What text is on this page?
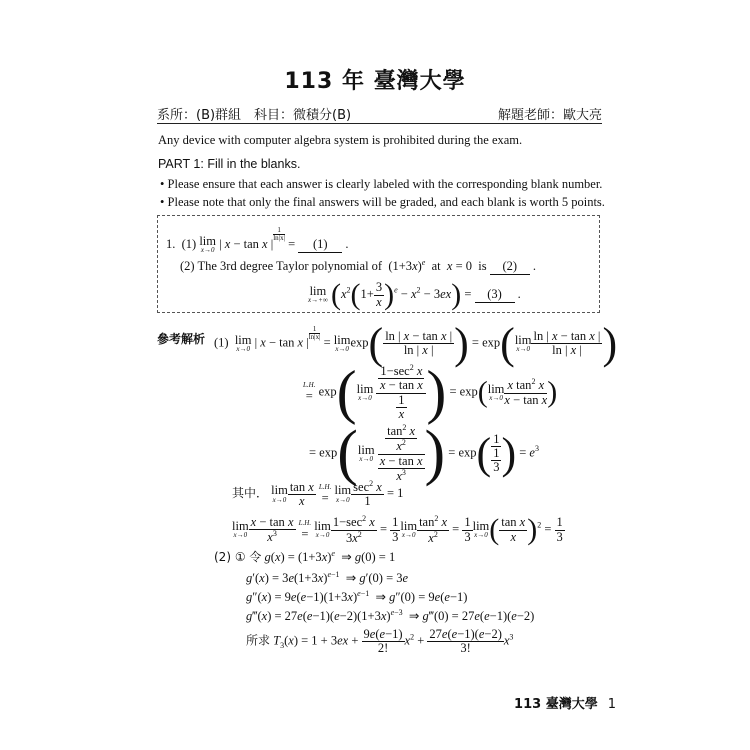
113 年 臺灣大學
系所：(B)群組　科目：微積分(B)	解題老師：歐大亮
Any device with computer algebra system is prohibited during the exam.
PART 1: Fill in the blanks.
• Please ensure that each answer is clearly labeled with the corresponding blank number.
• Please note that only the final answers will be graded, and each blank is worth 5 points.
1. (1) lim
x→0 | x − tan x |
$^{\frac{1}{\ln|x|}}$
= (1) .
(2) The 3rd degree Taylor polynomial of  $(1+3x)^e$ at x = 0  is (2) .
lim
x→+∞ $(x^2(1+ \frac{3}{x} )^e - x^2 - 3ex) = (3)$ .
參考解析 (1) lim
x→0 | x − tan x |
$^{\frac{1}{\ln|x|}}$
= lim
x→0 $\exp( \frac{\text{ln | x − tan x |}}{\ln | x |}$ ) = exp(lim
$x\to 0 \frac{\text{ln | x − tan x |}}{\ln | x |}$ )
L.H.
= exp(lim
x→0
$\frac{\frac{1-\sec^2 x}{\text{x − tan x}}}{\frac{1}{x}}$ ) = exp(lim
$x\to 0 \frac{x \tan^2 x}{\text{x − tan x}}$ )
= exp(lim
x→0
$\frac{\frac{\tan^2 x}{x^2}}{\frac{\text{x − tan x}}{x^3}}$ ) = $\exp( \frac{1}{\frac{1}{3}}$ ) = $e^3$
其中． lim
$x\to 0 \frac{\text{tan x}}{x}$
L.H.
= lim
$x\to 0 \frac{\sec^2 x}{1} = 1$
lim
$x\to 0 \frac{\text{x − tan x}}{x^3}$
L.H.
= lim
$x\to 0 \frac{1-\sec^2 x}{3x^2} = \frac{1}{3}$ lim
$x\to 0 \frac{\tan^2 x}{x^2} = \frac{1}{3}$ lim
x→0 ( $\frac{\text{tan x}}{x} )^2 = \frac{1}{3}$
(2) ① 令 $g(x) = (1+3x)^e$  ⇒ g(0) = 1
$g'(x) = 3e(1+3x)^{e-1}$  ⇒ g′(0) = 3e
$g''(x) = 9e(e-1)(1+3x)^{e-1}$  ⇒ g″(0) = 9e(e−1)
g‴(x) = $27e(e-1)(e-2)(1+3x)^{e-3}$  ⇒ g‴(0) = 27e(e−1)(e−2)
所求 $T_3(x) = 1 + 3ex + \frac{9e(e-1)}{2!} x^2 + \frac{27e(e-1)(e-2)}{3!} x^3$
113 臺灣大學 1
